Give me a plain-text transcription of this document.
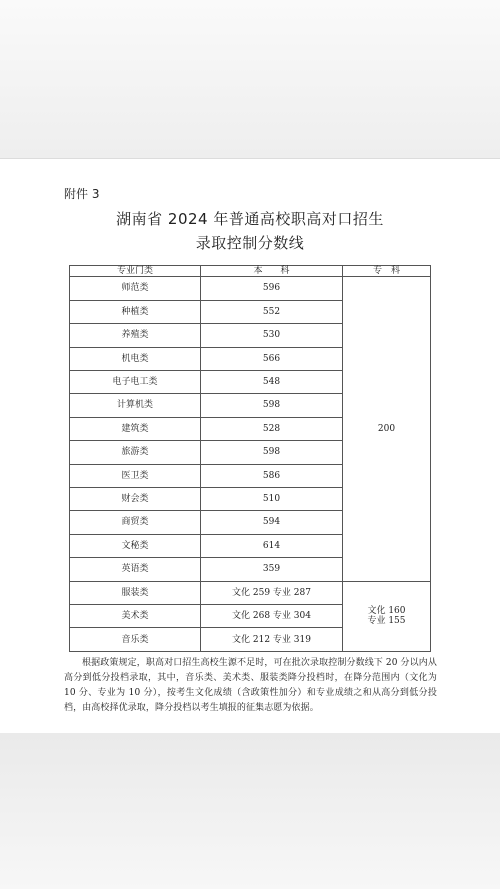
附件 3
湖南省 2024 年普通高校职高对口招生
录取控制分数线
专业门类	本　　科	专　科
师范类	596	200
种植类	552	
养殖类	530	
机电类	566	
电子电工类	548	
计算机类	598	
建筑类	528	
旅游类	598	
医卫类	586	
财会类	510	
商贸类	594	
文秘类	614	
英语类	359	
服装类	文化 259 专业 287	文化 160
专业 155

美术类	文化 268 专业 304	
音乐类	文化 212 专业 319	
根据政策规定，职高对口招生高校生源不足时，可在批次录取控制分数线下 20 分以内从高分到低分投档录取，其中，音乐类、美术类、服装类降分投档时，在降分范围内（文化为 10 分、专业为 10 分），按考生文化成绩（含政策性加分）和专业成绩之和从高分到低分投档，由高校择优录取，降分投档以考生填报的征集志愿为依据。
